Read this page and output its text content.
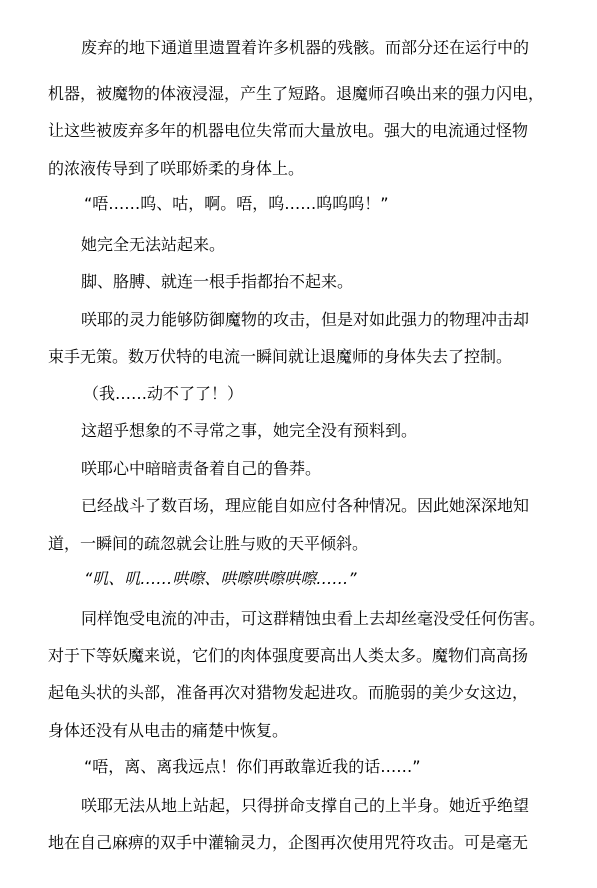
废弃的地下通道里遗置着许多机器的残骸。而部分还在运行中的
机器，被魔物的体液浸湿，产生了短路。退魔师召唤出来的强力闪电，
让这些被废弃多年的机器电位失常而大量放电。强大的电流通过怪物
的浓液传导到了咲耶娇柔的身体上。
“唔……呜、咕，啊。唔，呜……呜呜呜！”
她完全无法站起来。
脚、胳膊、就连一根手指都抬不起来。
咲耶的灵力能够防御魔物的攻击，但是对如此强力的物理冲击却
束手无策。数万伏特的电流一瞬间就让退魔师的身体失去了控制。
（我……动不了了！）
这超乎想象的不寻常之事，她完全没有预料到。
咲耶心中暗暗责备着自己的鲁莽。
已经战斗了数百场，理应能自如应付各种情况。因此她深深地知
道，一瞬间的疏忽就会让胜与败的天平倾斜。
“叽、叽……哄嚓、哄嚓哄嚓哄嚓……”
同样饱受电流的冲击，可这群精蚀虫看上去却丝毫没受任何伤害。
对于下等妖魔来说，它们的肉体强度要高出人类太多。魔物们高高扬
起龟头状的头部，准备再次对猎物发起进攻。而脆弱的美少女这边，
身体还没有从电击的痛楚中恢复。
“唔，离、离我远点！你们再敢靠近我的话……”
咲耶无法从地上站起，只得拼命支撑自己的上半身。她近乎绝望
地在自己麻痹的双手中灌输灵力，企图再次使用咒符攻击。可是毫无
